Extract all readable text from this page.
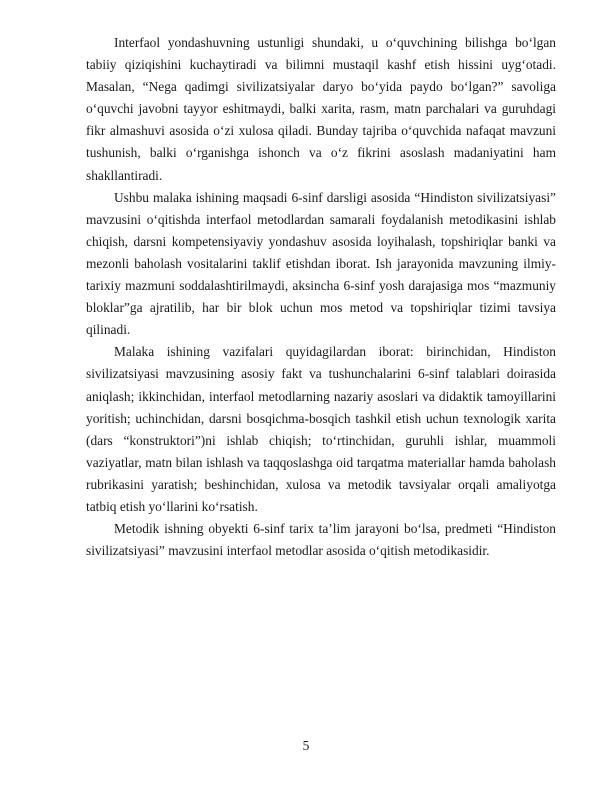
Interfaol yondashuvning ustunligi shundaki, u o‘quvchining bilishga bo‘lgan tabiiy qiziqishini kuchaytiradi va bilimni mustaqil kashf etish hissini uyg‘otadi. Masalan, “Nega qadimgi sivilizatsiyalar daryo bo‘yida paydo bo‘lgan?” savoliga o‘quvchi javobni tayyor eshitmaydi, balki xarita, rasm, matn parchalari va guruhdagi fikr almashuvi asosida o‘zi xulosa qiladi. Bunday tajriba o‘quvchida nafaqat mavzuni tushunish, balki o‘rganishga ishonch va o‘z fikrini asoslash madaniyatini ham shakllantiradi.

Ushbu malaka ishining maqsadi 6-sinf darsligi asosida “Hindiston sivilizatsiyasi” mavzusini o‘qitishda interfaol metodlardan samarali foydalanish metodikasini ishlab chiqish, darsni kompetensiyaviy yondashuv asosida loyihalash, topshiriqlar banki va mezonli baholash vositalarini taklif etishdan iborat. Ish jarayonida mavzuning ilmiy-tarixiy mazmuni soddalashtirilmaydi, aksincha 6-sinf yosh darajasiga mos “mazmuniy bloklar”ga ajratilib, har bir blok uchun mos metod va topshiriqlar tizimi tavsiya qilinadi.

Malaka ishining vazifalari quyidagilardan iborat: birinchidan, Hindiston sivilizatsiyasi mavzusining asosiy fakt va tushunchalarini 6-sinf talablari doirasida aniqlash; ikkinchidan, interfaol metodlarning nazariy asoslari va didaktik tamoyillarini yoritish; uchinchidan, darsni bosqichma-bosqich tashkil etish uchun texnologik xarita (dars “konstruktori”)ni ishlab chiqish; to‘rtinchidan, guruhli ishlar, muammoli vaziyatlar, matn bilan ishlash va taqqoslashga oid tarqatma materiallar hamda baholash rubrikasini yaratish; beshinchidan, xulosa va metodik tavsiyalar orqali amaliyotga tatbiq etish yo‘llarini ko‘rsatish.

Metodik ishning obyekti 6-sinf tarix ta’lim jarayoni bo‘lsa, predmeti “Hindiston sivilizatsiyasi” mavzusini interfaol metodlar asosida o‘qitish metodikasidir.

5
